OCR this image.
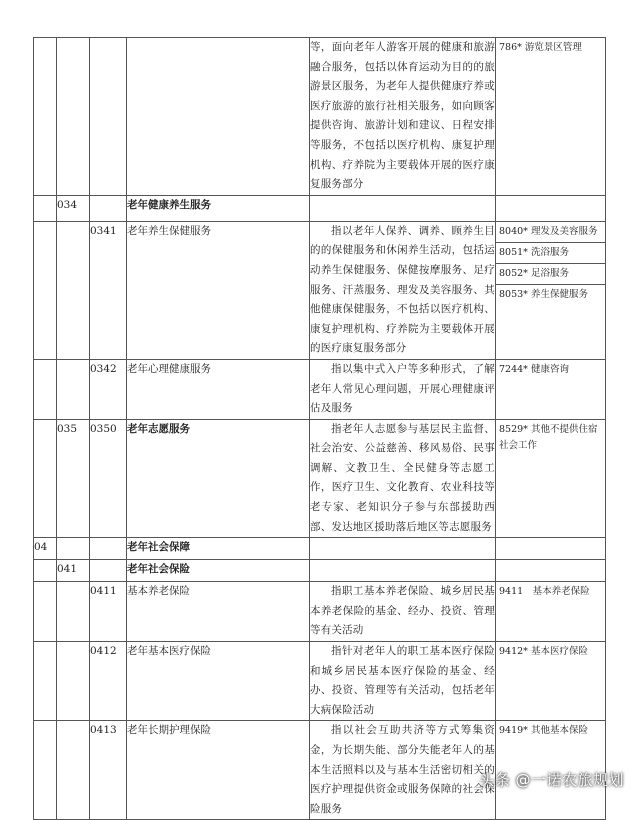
				等，面向老年人游客开展的健康和旅游融合服务，包括以体育运动为目的的旅游景区服务，为老年人提供健康疗养或医疗旅游的旅行社相关服务，如向顾客提供咨询、旅游计划和建议、日程安排等服务，不包括以医疗机构、康复护理机构、疗养院为主要载体开展的医疗康复服务部分	786* 游览景区管理

	034		老年健康养生服务		
		0341	老年养生保健服务	指以老年人保养、调养、顾养生目的的保健服务和休闲养生活动，包括运动养生保健服务、保健按摩服务、足疗服务、汗蒸服务、理发及美容服务、其他健康保健服务，不包括以医疗机构、康复护理机构、疗养院为主要载体开展的医疗康复服务部分	8040* 理发及美容服务
8051* 洗浴服务
8052* 足浴服务
8053* 养生保健服务

		0342	老年心理健康服务	指以集中式入户等多种形式，了解老年人常见心理问题，开展心理健康评估及服务	7244* 健康咨询

	035	0350	老年志愿服务	指老年人志愿参与基层民主监督、社会治安、公益慈善、移风易俗、民事调解、文教卫生、全民健身等志愿工作，医疗卫生、文化教育、农业科技等老专家、老知识分子参与东部援助西部、发达地区援助落后地区等志愿服务	8529* 其他不提供住宿社会工作

04			老年社会保障		
	041		老年社会保险		
		0411	基本养老保险	指职工基本养老保险、城乡居民基本养老保险的基金、经办、投资、管理等有关活动	9411　基本养老保险

		0412	老年基本医疗保险	指针对老年人的职工基本医疗保险和城乡居民基本医疗保险的基金、经办、投资、管理等有关活动，包括老年大病保险活动	9412* 基本医疗保险

		0413	老年长期护理保险	指以社会互助共济等方式筹集资金，为长期失能、部分失能老年人的基本生活照料以及与基本生活密切相关的医疗护理提供资金或服务保障的社会保险服务	9419* 其他基本保险
头条 @一诺农旅规划
